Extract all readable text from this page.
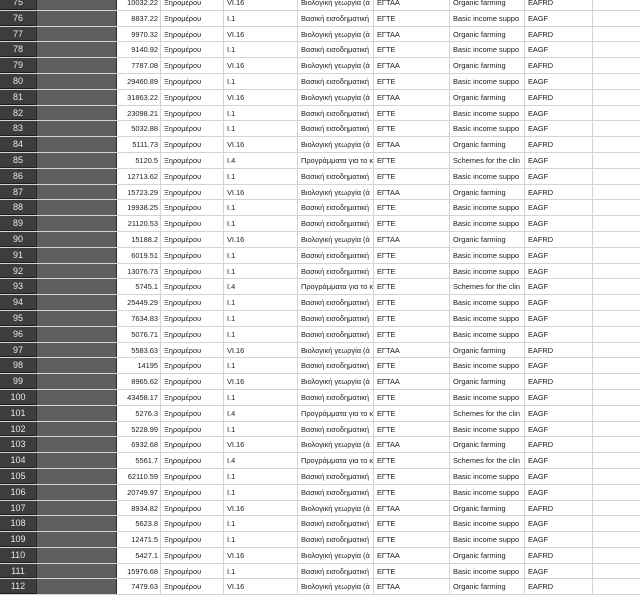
75	10032.22 Ξηρομέρου	VI.16	Βιολογική γεωργία (ά ΕΓΤΑΑ	Organic farming	EAFRD
76	8837.22 Ξηρομέρου	I.1	Βασική εισοδηματική	ΕΓΤΕ	Basic income suppo	EAGF
77	9970.32 Ξηρομέρου	VI.16	Βιολογική γεωργία (ά ΕΓΤΑΑ	Organic farming	EAFRD
78	9140.92 Ξηρομέρου	I.1	Βασική εισοδηματική	ΕΓΤΕ	Basic income suppo	EAGF
79	7787.08 Ξηρομέρου	VI.16	Βιολογική γεωργία (ά ΕΓΤΑΑ	Organic farming	EAFRD
80	29460.89 Ξηρομέρου	I.1	Βασική εισοδηματική	ΕΓΤΕ	Basic income suppo	EAGF
81	31863.22 Ξηρομέρου	VI.16	Βιολογική γεωργία (ά ΕΓΤΑΑ	Organic farming	EAFRD
82	23098.21 Ξηρομέρου	I.1	Βασική εισοδηματική	ΕΓΤΕ	Basic income suppo	EAGF
83	5032.88 Ξηρομέρου	I.1	Βασική εισοδηματική	ΕΓΤΕ	Basic income suppo	EAGF
84	5111.73 Ξηρομέρου	VI.16	Βιολογική γεωργία (ά ΕΓΤΑΑ	Organic farming	EAFRD
85	5120.5 Ξηρομέρου	I.4	Προγράμματα για το κ ΕΓΤΕ	Schemes for the clin	EAGF
86	12713.62 Ξηρομέρου	I.1	Βασική εισοδηματική	ΕΓΤΕ	Basic income suppo	EAGF
87	15723.29 Ξηρομέρου	VI.16	Βιολογική γεωργία (ά ΕΓΤΑΑ	Organic farming	EAFRD
88	19938.25 Ξηρομέρου	I.1	Βασική εισοδηματική	ΕΓΤΕ	Basic income suppo	EAGF
89	21120.53 Ξηρομέρου	I.1	Βασική εισοδηματική	ΕΓΤΕ	Basic income suppo	EAGF
90	15188.2 Ξηρομέρου	VI.16	Βιολογική γεωργία (ά ΕΓΤΑΑ	Organic farming	EAFRD
91	6019.51 Ξηρομέρου	I.1	Βασική εισοδηματική	ΕΓΤΕ	Basic income suppo	EAGF
92	13076.73 Ξηρομέρου	I.1	Βασική εισοδηματική	ΕΓΤΕ	Basic income suppo	EAGF
93	5745.1 Ξηρομέρου	I.4	Προγράμματα για το κ ΕΓΤΕ	Schemes for the clin	EAGF
94	25449.29 Ξηρομέρου	I.1	Βασική εισοδηματική	ΕΓΤΕ	Basic income suppo	EAGF
95	7634.83 Ξηρομέρου	I.1	Βασική εισοδηματική	ΕΓΤΕ	Basic income suppo	EAGF
96	5076.71 Ξηρομέρου	I.1	Βασική εισοδηματική	ΕΓΤΕ	Basic income suppo	EAGF
97	5583.63 Ξηρομέρου	VI.16	Βιολογική γεωργία (ά ΕΓΤΑΑ	Organic farming	EAFRD
98	14195 Ξηρομέρου	I.1	Βασική εισοδηματική	ΕΓΤΕ	Basic income suppo	EAGF
99	8965.62 Ξηρομέρου	VI.16	Βιολογική γεωργία (ά ΕΓΤΑΑ	Organic farming	EAFRD
100	43458.17 Ξηρομέρου	I.1	Βασική εισοδηματική	ΕΓΤΕ	Basic income suppo	EAGF
101	5276.3 Ξηρομέρου	I.4	Προγράμματα για το κ ΕΓΤΕ	Schemes for the clin	EAGF
102	5228.99 Ξηρομέρου	I.1	Βασική εισοδηματική	ΕΓΤΕ	Basic income suppo	EAGF
103	6932.68 Ξηρομέρου	VI.16	Βιολογική γεωργία (ά ΕΓΤΑΑ	Organic farming	EAFRD
104	5561.7 Ξηρομέρου	I.4	Προγράμματα για το κ ΕΓΤΕ	Schemes for the clin	EAGF
105	62110.59 Ξηρομέρου	I.1	Βασική εισοδηματική	ΕΓΤΕ	Basic income suppo	EAGF
106	20749.97 Ξηρομέρου	I.1	Βασική εισοδηματική	ΕΓΤΕ	Basic income suppo	EAGF
107	8934.82 Ξηρομέρου	VI.16	Βιολογική γεωργία (ά ΕΓΤΑΑ	Organic farming	EAFRD
108	5623.8 Ξηρομέρου	I.1	Βασική εισοδηματική	ΕΓΤΕ	Basic income suppo	EAGF
109	12471.5 Ξηρομέρου	I.1	Βασική εισοδηματική	ΕΓΤΕ	Basic income suppo	EAGF
110	5427.1 Ξηρομέρου	VI.16	Βιολογική γεωργία (ά ΕΓΤΑΑ	Organic farming	EAFRD
111	15976.68 Ξηρομέρου	I.1	Βασική εισοδηματική	ΕΓΤΕ	Basic income suppo	EAGF
112	7479.63 Ξηρομέρου	VI.16	Βιολογική γεωργία (ά ΕΓΤΑΑ	Organic farming	EAFRD
